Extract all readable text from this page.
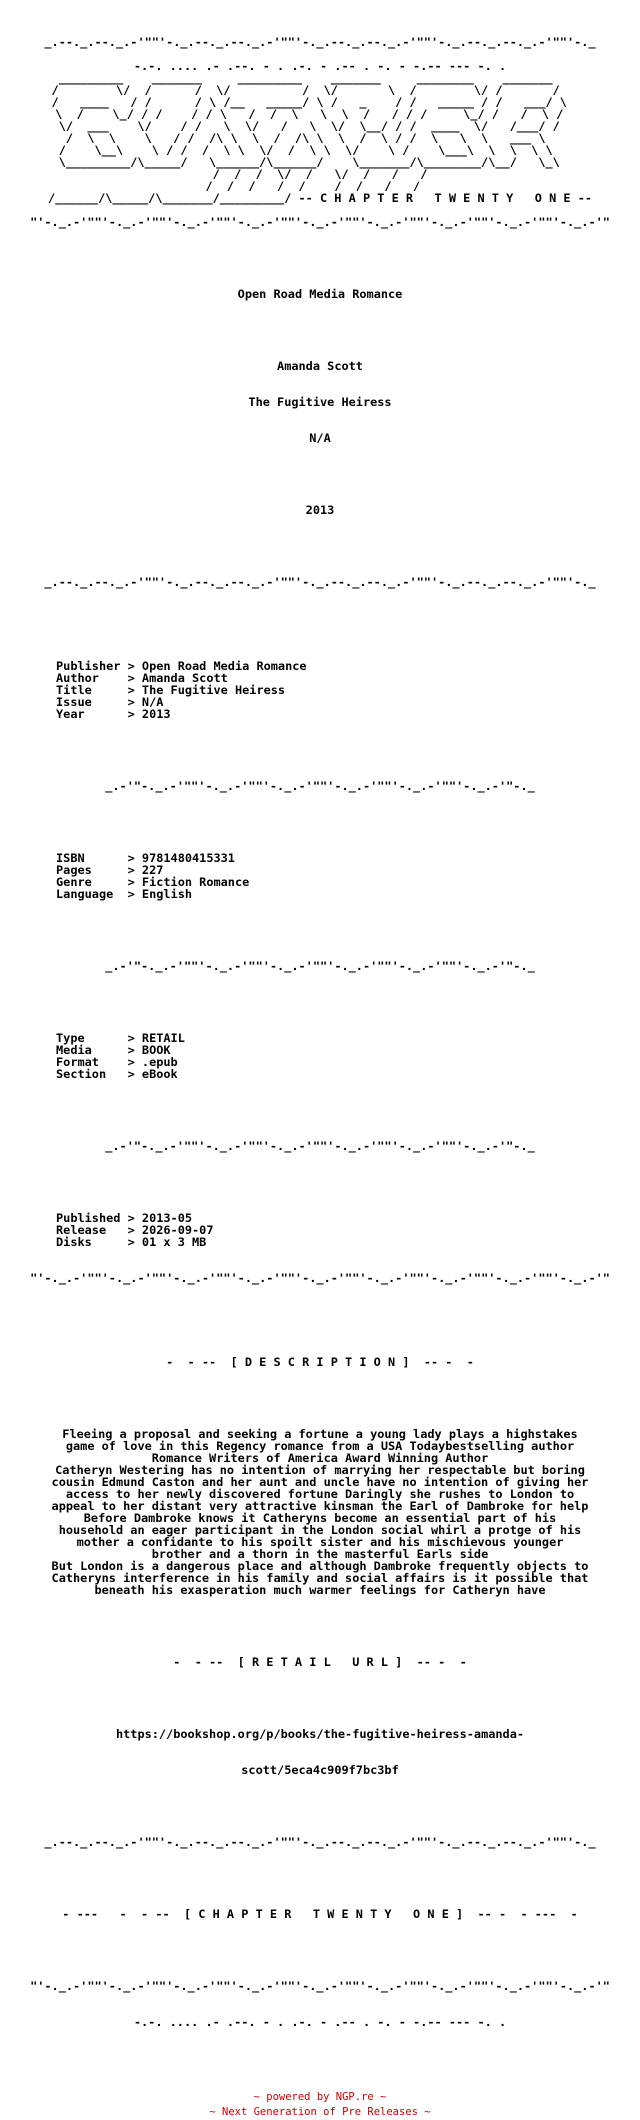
_.--._.--._.-'""'-._.--._.--._.-'""'-._.--._.--._.-'""'-._.--._.--._.-'""'-._

-.-. .... .- .--. - . .-. - .-- . -. - -.-- --- -. .
_________    _______     _________    _______     ________    _______
/        \/  /      /  \/          /  \/       \  /        \/ /       /
/   ____   / /      / \ /__   _____/ \ /   _    / /   _____ / /   ___/ \
\  /    \_/ / /    / / \   /  /  \   \  \  /   / / /     \_/ /   /  \ /
\/  ___    \/    / /   \  \/   /   \  \/  \__/ / /  ____  \/   /___/ /
/  \  \    \   / /  /\ \  \  /  /\ \  \  /  \ / /  \   \  \   ___ \
/    \__\    \ / /  /  \ \  \/  /  \ \  \/    \ /    \___\  \  \  \ \
\_________/\_____/   \______/\______/    \_______/\________/\__/   \_\
/  /  /  \/  /   \/  /   /   /
/  /  /   /  /    /  /   /   /
/______/\_____/\_______/_________/ -- C H A P T E R   T W E N T Y   O N E --

"'-._.-'""'-._.-'""'-._.-'""'-._.-'""'-._.-'""'-._.-'""'-._.-'""'-._.-'""'-._.-'"

Open Road Media Romance

Amanda Scott

The Fugitive Heiress

N/A

2013

_.--._.--._.-'""'-._.--._.--._.-'""'-._.--._.--._.-'""'-._.--._.--._.-'""'-._

Publisher > Open Road Media Romance
Author > Amanda Scott
Title	> The Fugitive Heiress
Issue	> N/A
Year	> 2013

_.-'"-._.-'""'-._.-'""'-._.-'""'-._.-'""'-._.-'""'-._.-'"-._

ISBN	> 9781480415331
Pages	> 227
Genre	> Fiction Romance
Language > English

_.-'"-._.-'""'-._.-'""'-._.-'""'-._.-'""'-._.-'""'-._.-'"-._

Type	> RETAIL
Media	> BOOK
Format > .epub
Section > eBook

_.-'"-._.-'""'-._.-'""'-._.-'""'-._.-'""'-._.-'""'-._.-'"-._

Published > 2013-05
Release > 2026-09-07
Disks	> 01 x 3 MB

"'-._.-'""'-._.-'""'-._.-'""'-._.-'""'-._.-'""'-._.-'""'-._.-'""'-._.-'""'-._.-'"

-  - --  [ D E S C R I P T I O N ]  -- -  -

Fleeing a proposal and seeking a fortune a young lady plays a highstakes
game of love in this Regency romance from a USA Todaybestselling author
Romance Writers of America Award Winning Author
Catheryn Westering has no intention of marrying her respectable but boring
cousin Edmund Caston and her aunt and uncle have no intention of giving her
access to her newly discovered fortune Daringly she rushes to London to
appeal to her distant very attractive kinsman the Earl of Dambroke for help
Before Dambroke knows it Catheryns become an essential part of his
household an eager participant in the London social whirl a protge of his
mother a confidante to his spoilt sister and his mischievous younger
brother and a thorn in the masterful Earls side
But London is a dangerous place and although Dambroke frequently objects to
Catheryns interference in his family and social affairs is it possible that
beneath his exasperation much warmer feelings for Catheryn have

-  - --  [ R E T A I L   U R L ]  -- -  -

https://bookshop.org/p/books/the-fugitive-heiress-amanda-

scott/5eca4c909f7bc3bf

_.--._.--._.-'""'-._.--._.--._.-'""'-._.--._.--._.-'""'-._.--._.--._.-'""'-._

- ---   -  - --  [ C H A P T E R   T W E N T Y   O N E ]  -- -  - ---  -

"'-._.-'""'-._.-'""'-._.-'""'-._.-'""'-._.-'""'-._.-'""'-._.-'""'-._.-'""'-._.-'"

-.-. .... .- .--. - . .-. - .-- . -. - -.-- --- -. .

~ powered by NGP.re ~
~ Next Generation of Pre Releases ~
